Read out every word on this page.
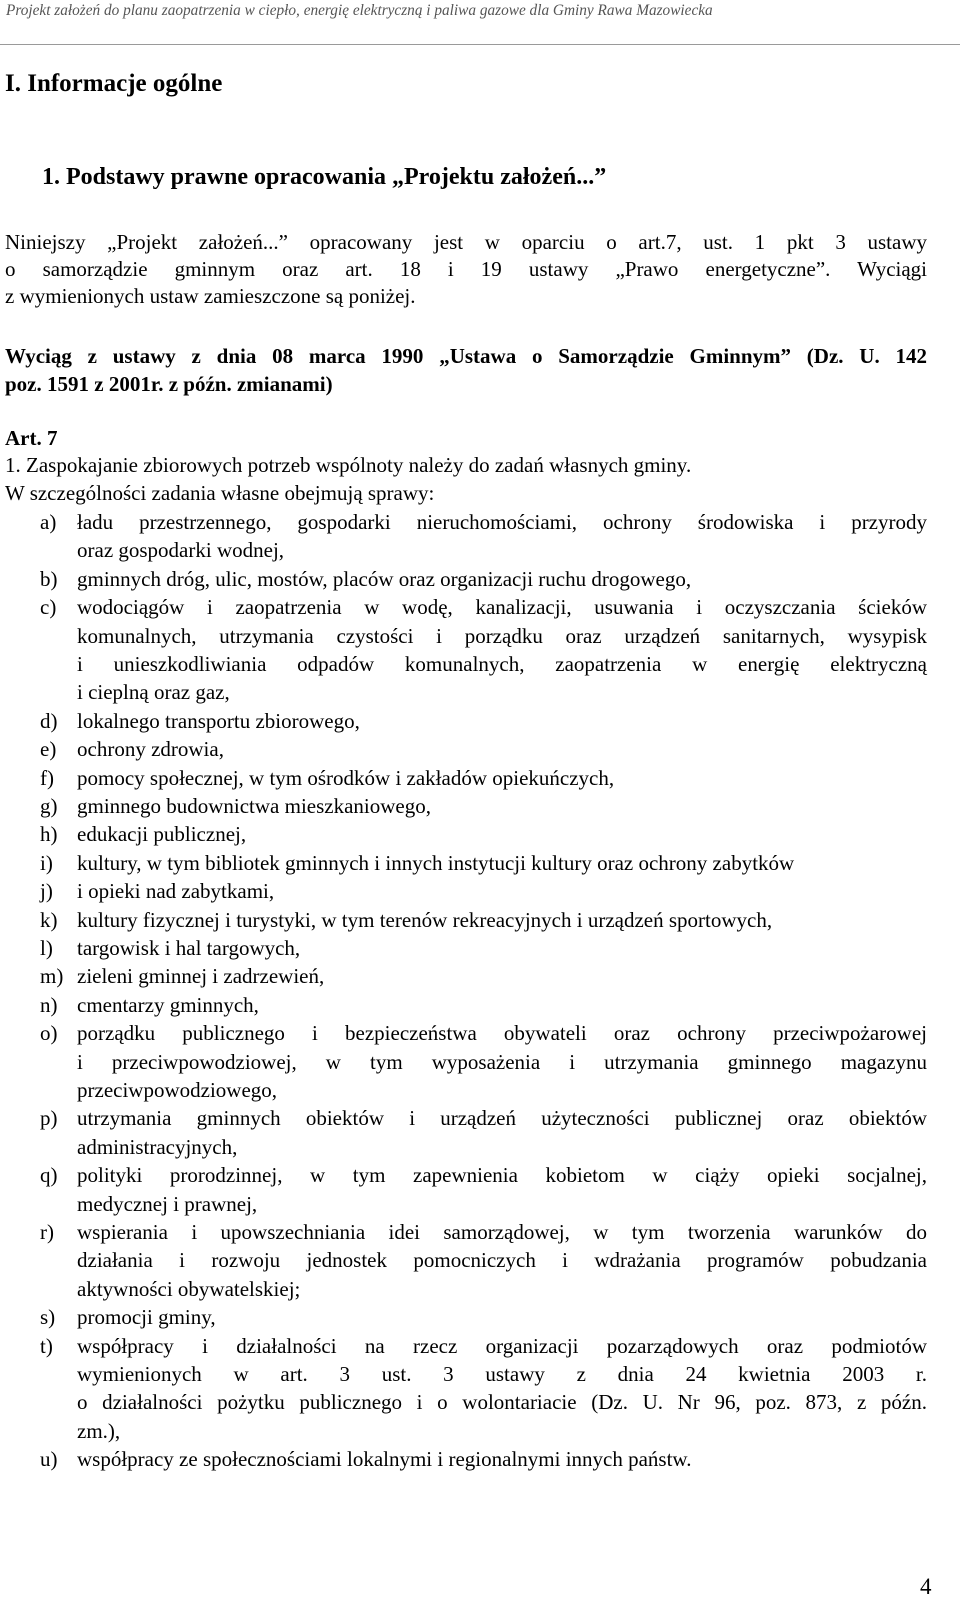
Projekt założeń do planu zaopatrzenia w ciepło, energię elektryczną i paliwa gazowe dla Gminy Rawa Mazowiecka
I. Informacje ogólne
1. Podstawy prawne opracowania „Projektu założeń...”
Niniejszy „Projekt założeń...” opracowany jest w oparciu o art.7, ust. 1 pkt 3 ustawy
o samorządzie gminnym oraz art. 18 i 19 ustawy „Prawo energetyczne”. Wyciągi
z wymienionych ustaw zamieszczone są poniżej.
Wyciąg z ustawy z dnia 08 marca 1990 „Ustawa o Samorządzie Gminnym” (Dz. U. 142
poz. 1591 z 2001r. z późn. zmianami)
Art. 7
1. Zaspokajanie zbiorowych potrzeb wspólnoty należy do zadań własnych gminy.
W szczególności zadania własne obejmują sprawy:
a) ładu przestrzennego, gospodarki nieruchomościami, ochrony środowiska i przyrody
oraz gospodarki wodnej,
b) gminnych dróg, ulic, mostów, placów oraz organizacji ruchu drogowego,
c) wodociągów i zaopatrzenia w wodę, kanalizacji, usuwania i oczyszczania ścieków
komunalnych, utrzymania czystości i porządku oraz urządzeń sanitarnych, wysypisk
i unieszkodliwiania odpadów komunalnych, zaopatrzenia w energię elektryczną
i cieplną oraz gaz,
d) lokalnego transportu zbiorowego,
e) ochrony zdrowia,
f) pomocy społecznej, w tym ośrodków i zakładów opiekuńczych,
g) gminnego budownictwa mieszkaniowego,
h) edukacji publicznej,
i) kultury, w tym bibliotek gminnych i innych instytucji kultury oraz ochrony zabytków
j) i opieki nad zabytkami,
k) kultury fizycznej i turystyki, w tym terenów rekreacyjnych i urządzeń sportowych,
l) targowisk i hal targowych,
m) zieleni gminnej i zadrzewień,
n) cmentarzy gminnych,
o) porządku publicznego i bezpieczeństwa obywateli oraz ochrony przeciwpożarowej
i przeciwpowodziowej, w tym wyposażenia i utrzymania gminnego magazynu
przeciwpowodziowego,
p) utrzymania gminnych obiektów i urządzeń użyteczności publicznej oraz obiektów
administracyjnych,
q) polityki prorodzinnej, w tym zapewnienia kobietom w ciąży opieki socjalnej,
medycznej i prawnej,
r) wspierania i upowszechniania idei samorządowej, w tym tworzenia warunków do
działania i rozwoju jednostek pomocniczych i wdrażania programów pobudzania
aktywności obywatelskiej;
s) promocji gminy,
t) współpracy i działalności na rzecz organizacji pozarządowych oraz podmiotów
wymienionych w art. 3 ust. 3 ustawy z dnia 24 kwietnia 2003 r.
o działalności pożytku publicznego i o wolontariacie (Dz. U. Nr 96, poz. 873, z późn.
zm.),
u) współpracy ze społecznościami lokalnymi i regionalnymi innych państw.
4
